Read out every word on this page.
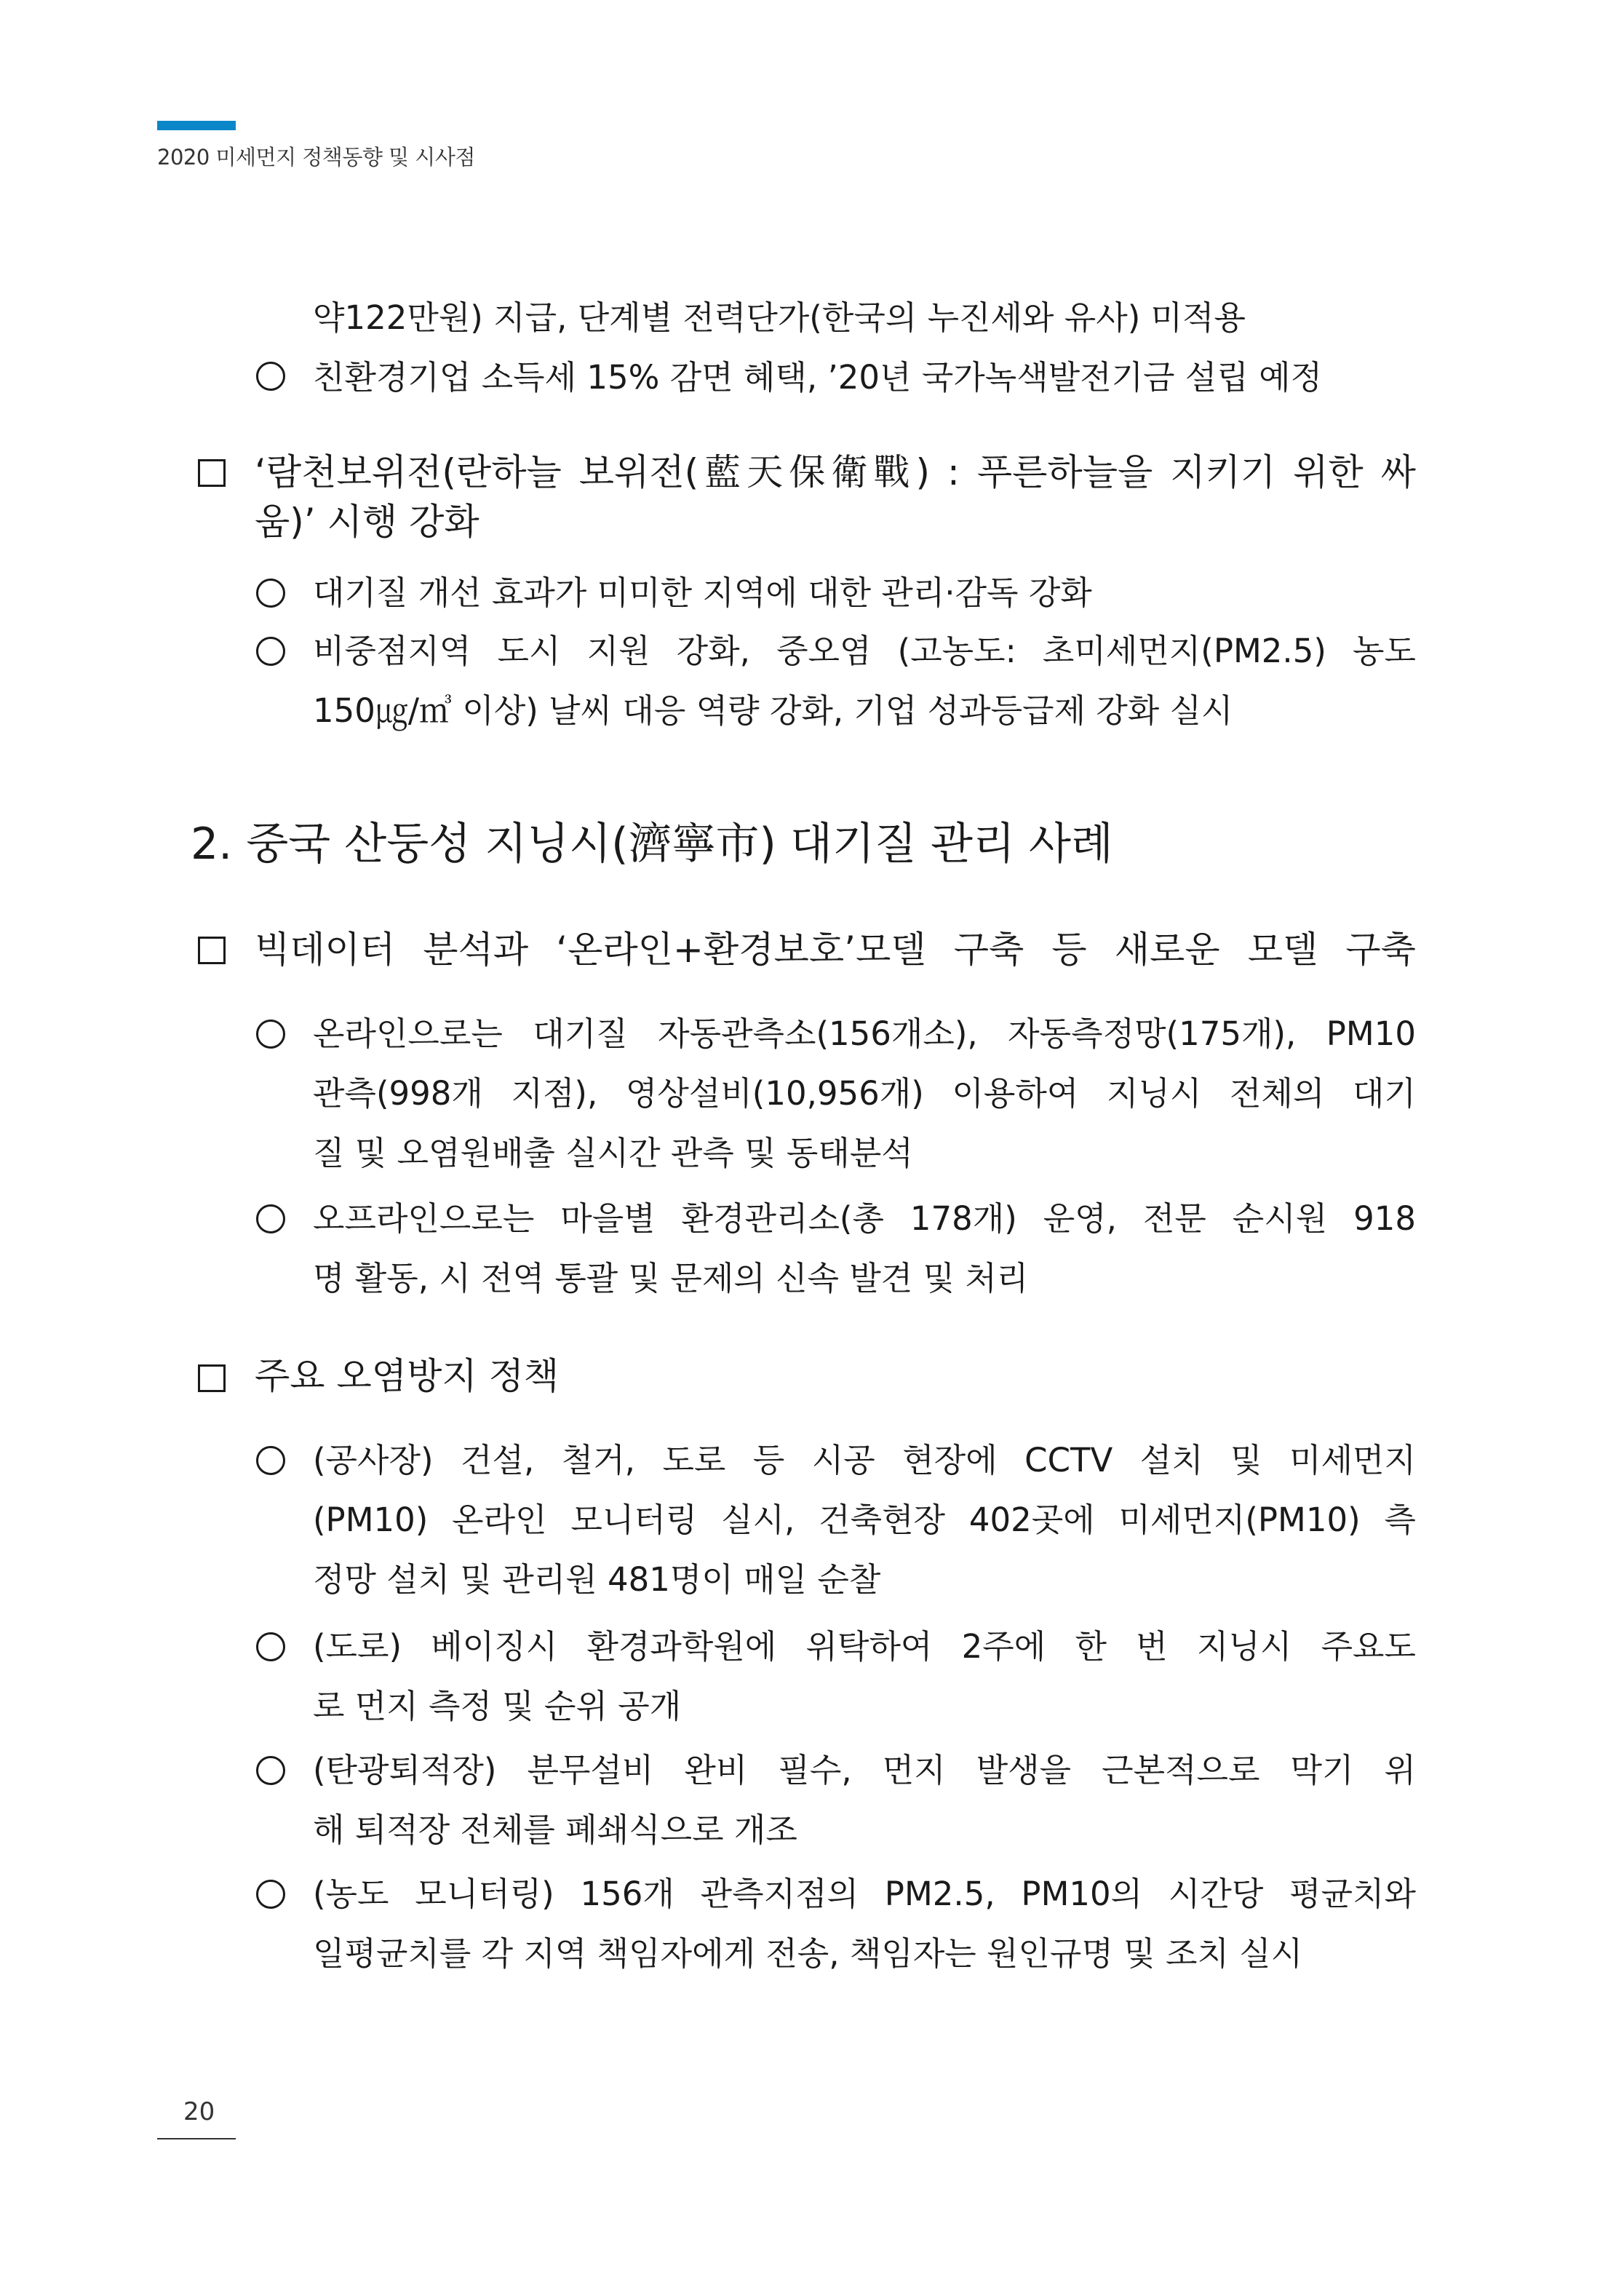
2020 미세먼지 정책동향 및 시사점
약122만원) 지급, 단계별 전력단가(한국의 누진세와 유사) 미적용
친환경기업 소득세 15% 감면 혜택, ’20년 국가녹색발전기금 설립 예정
‘람천보위전(란하늘 보위전(藍天保衛戰) : 푸른하늘을 지키기 위한 싸
움)’ 시행 강화
대기질 개선 효과가 미미한 지역에 대한 관리·감독 강화
비중점지역 도시 지원 강화, 중오염 (고농도: 초미세먼지(PM2.5) 농도
150㎍/㎥ 이상) 날씨 대응 역량 강화, 기업 성과등급제 강화 실시
2. 중국 산둥성 지닝시(濟寧市) 대기질 관리 사례
빅데이터 분석과 ‘온라인+환경보호’모델 구축 등 새로운 모델 구축
온라인으로는 대기질 자동관측소(156개소), 자동측정망(175개), PM10
관측(998개 지점), 영상설비(10,956개) 이용하여 지닝시 전체의 대기
질 및 오염원배출 실시간 관측 및 동태분석
오프라인으로는 마을별 환경관리소(총 178개) 운영, 전문 순시원 918
명 활동, 시 전역 통괄 및 문제의 신속 발견 및 처리
주요 오염방지 정책
(공사장) 건설, 철거, 도로 등 시공 현장에 CCTV 설치 및 미세먼지
(PM10) 온라인 모니터링 실시, 건축현장 402곳에 미세먼지(PM10) 측
정망 설치 및 관리원 481명이 매일 순찰
(도로) 베이징시 환경과학원에 위탁하여 2주에 한 번 지닝시 주요도
로 먼지 측정 및 순위 공개
(탄광퇴적장) 분무설비 완비 필수, 먼지 발생을 근본적으로 막기 위
해 퇴적장 전체를 폐쇄식으로 개조
(농도 모니터링) 156개 관측지점의 PM2.5, PM10의 시간당 평균치와
일평균치를 각 지역 책임자에게 전송, 책임자는 원인규명 및 조치 실시
20
